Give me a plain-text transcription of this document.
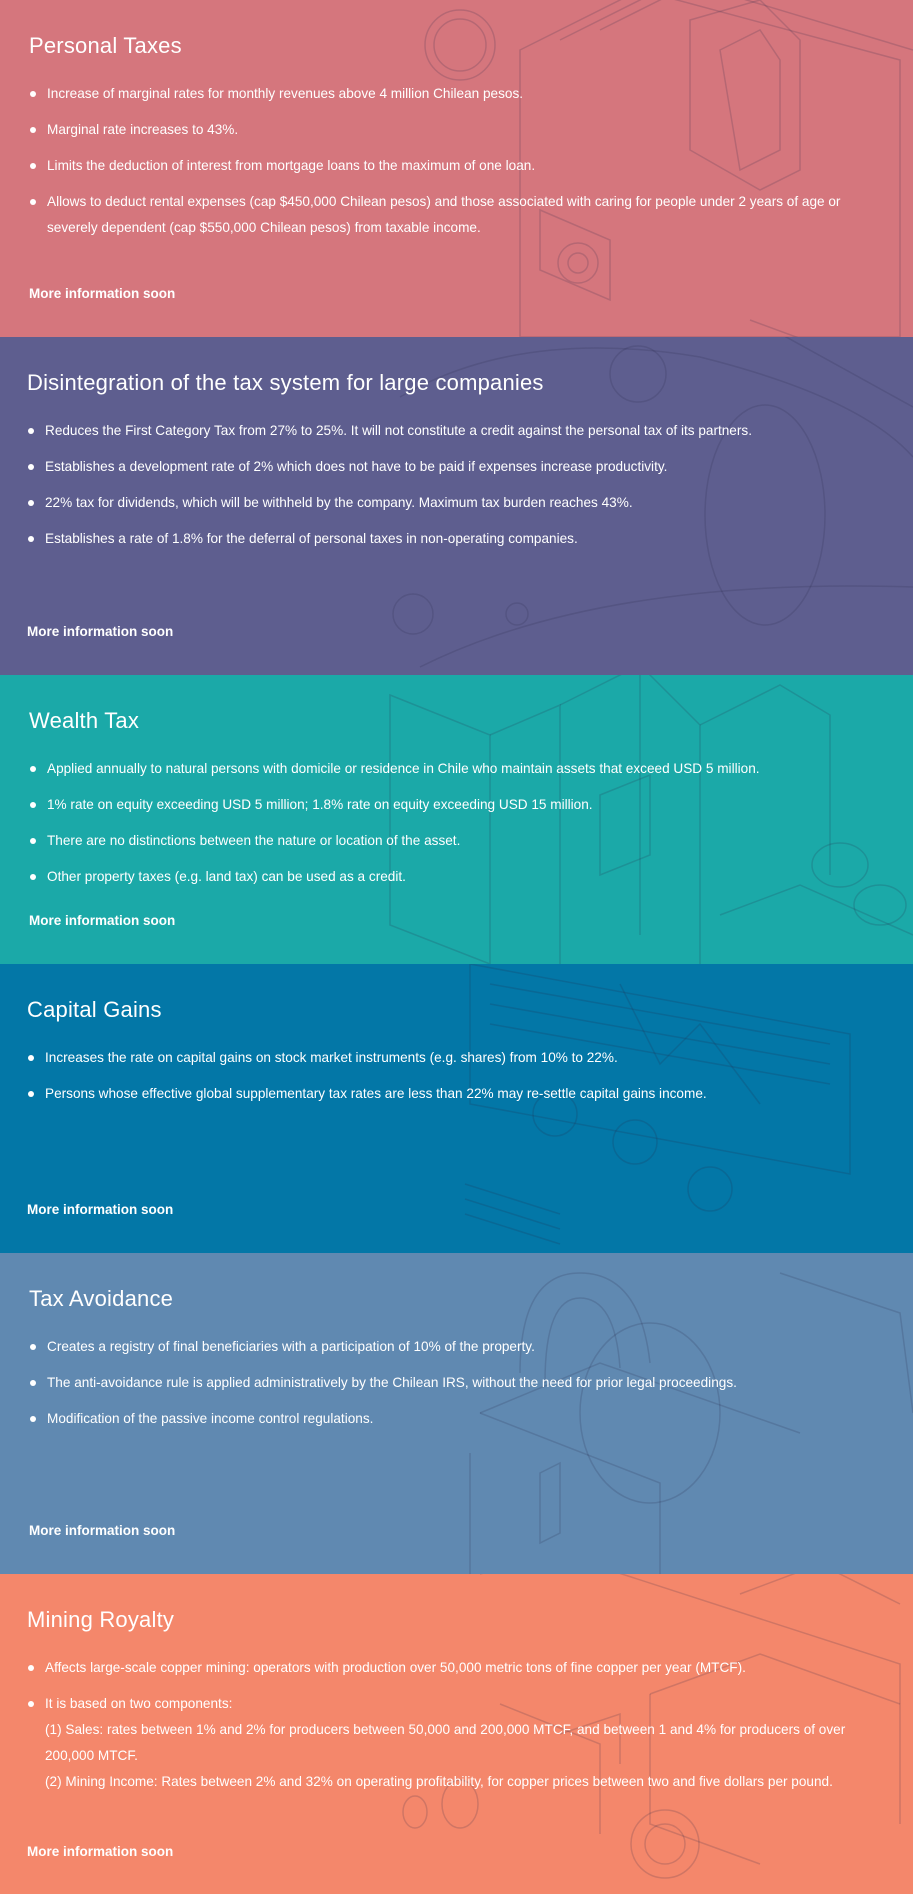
Personal Taxes
Increase of marginal rates for monthly revenues above 4 million Chilean pesos.
Marginal rate increases to 43%.
Limits the deduction of interest from mortgage loans to the maximum of one loan.
Allows to deduct rental expenses (cap $450,000 Chilean pesos) and those associated with caring for people under 2 years of age or severely dependent (cap $550,000 Chilean pesos) from taxable income.
More information soon
Disintegration of the tax system for large companies
Reduces the First Category Tax from 27% to 25%. It will not constitute a credit against the personal tax of its partners.
Establishes a development rate of 2% which does not have to be paid if expenses increase productivity.
22% tax for dividends, which will be withheld by the company. Maximum tax burden reaches 43%.
Establishes a rate of 1.8% for the deferral of personal taxes in non-operating companies.
More information soon
Wealth Tax
Applied annually to natural persons with domicile or residence in Chile who maintain assets that exceed USD 5 million.
1% rate on equity exceeding USD 5 million; 1.8% rate on equity exceeding USD 15 million.
There are no distinctions between the nature or location of the asset.
Other property taxes (e.g. land tax) can be used as a credit.
More information soon
Capital Gains
Increases the rate on capital gains on stock market instruments (e.g. shares) from 10% to 22%.
Persons whose effective global supplementary tax rates are less than 22% may re-settle capital gains income.
More information soon
Tax Avoidance
Creates a registry of final beneficiaries with a participation of 10% of the property.
The anti-avoidance rule is applied administratively by the Chilean IRS, without the need for prior legal proceedings.
Modification of the passive income control regulations.
More information soon
Mining Royalty
Affects large-scale copper mining: operators with production over 50,000 metric tons of fine copper per year (MTCF).
It is based on two components:
(1) Sales: rates between 1% and 2% for producers between 50,000 and 200,000 MTCF, and between 1 and 4% for producers of over 200,000 MTCF.
(2) Mining Income: Rates between 2% and 32% on operating profitability, for copper prices between two and five dollars per pound.
More information soon
